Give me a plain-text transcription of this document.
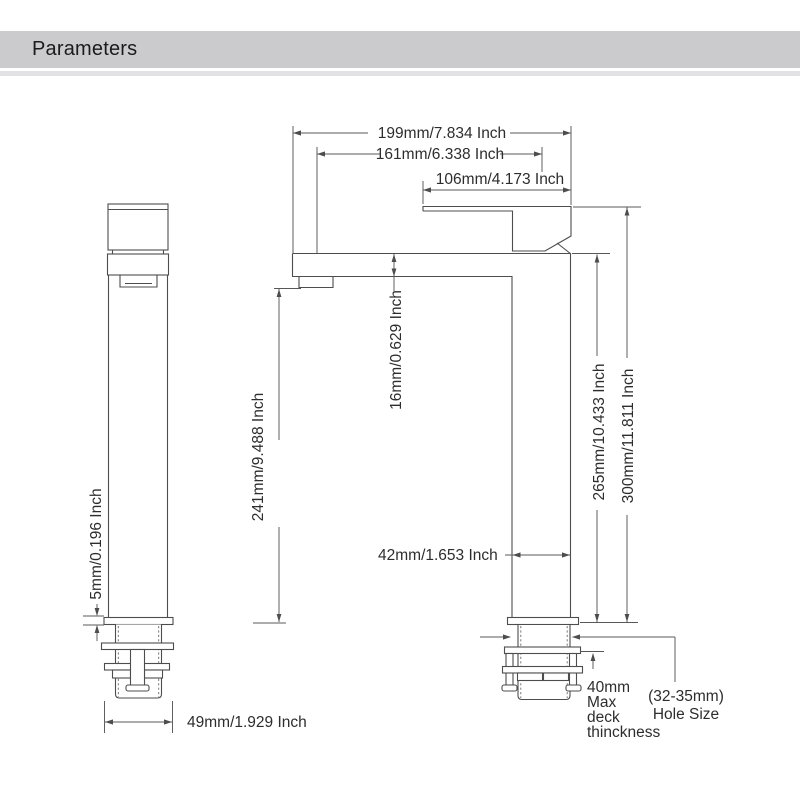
Parameters
199mm/7.834 Inch
161mm/6.338 Inch
106mm/4.173 Inch
16mm/0.629 Inch
241mm/9.488 Inch	265mm/10.433 Inch 300mm/11.811 Inch
42mm/1.653 Inch
5mm/0.196 Inch
49mm/1.929 Inch
40mm
Max
deck
thinckness
(32-35mm)
Hole Size
